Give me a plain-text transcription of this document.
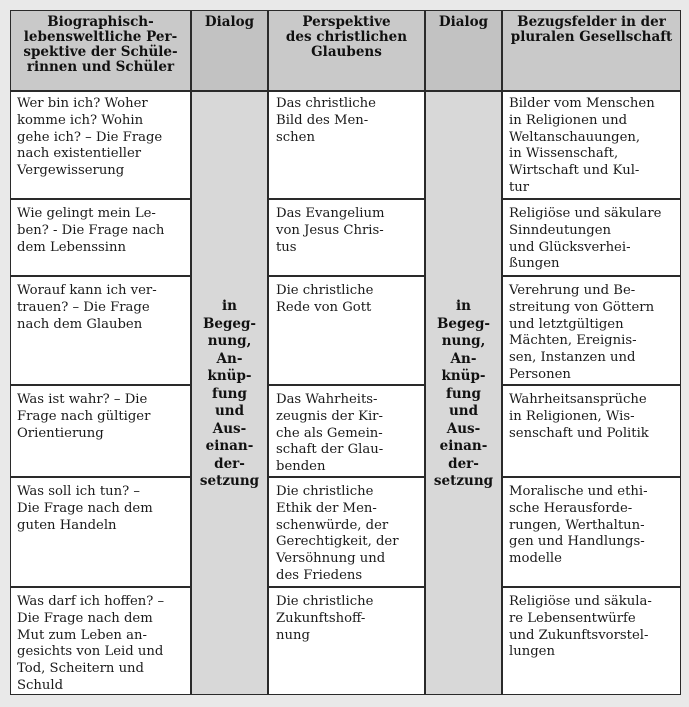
Biographisch-
lebensweltliche Per-
spektive der Schüle-
rinnen und Schüler
Dialog	Perspektive
des christlichen
Glaubens
Dialog	Bezugsfelder in der
pluralen Gesellschaft
in
Begeg-
nung,
An-
knüp-
fung
und
Aus-
einan-
der-
setzung
in
Begeg-
nung,
An-
knüp-
fung
und
Aus-
einan-
der-
setzung
Wer bin ich? Woher
komme ich? Wohin
gehe ich? – Die Frage
nach existentieller
Vergewisserung
Das christliche
Bild des Men-
schen
Bilder vom Menschen
in Religionen und
Weltanschauungen,
in Wissenschaft,
Wirtschaft und Kul-
tur
Wie gelingt mein Le-
ben? - Die Frage nach
dem Lebenssinn
Das Evangelium
von Jesus Chris-
tus
Religiöse und säkulare
Sinndeutungen
und Glücksverhei-
ßungen
Worauf kann ich ver-
trauen? – Die Frage
nach dem Glauben
Die christliche
Rede von Gott
Verehrung und Be-
streitung von Göttern
und letztgültigen
Mächten, Ereignis-
sen, Instanzen und
Personen
Was ist wahr? – Die
Frage nach gültiger
Orientierung
Das Wahrheits-
zeugnis der Kir-
che als Gemein-
schaft der Glau-
benden
Wahrheitsansprüche
in Religionen, Wis-
senschaft und Politik
Was soll ich tun? –
Die Frage nach dem
guten Handeln
Die christliche
Ethik der Men-
schenwürde, der
Gerechtigkeit, der
Versöhnung und
des Friedens
Moralische und ethi-
sche Herausforde-
rungen, Werthaltun-
gen und Handlungs-
modelle
Was darf ich hoffen? –
Die Frage nach dem
Mut zum Leben an-
gesichts von Leid und
Tod, Scheitern und
Schuld
Die christliche
Zukunftshoff-
nung
Religiöse und säkula-
re Lebensentwürfe
und Zukunftsvorstel-
lungen
